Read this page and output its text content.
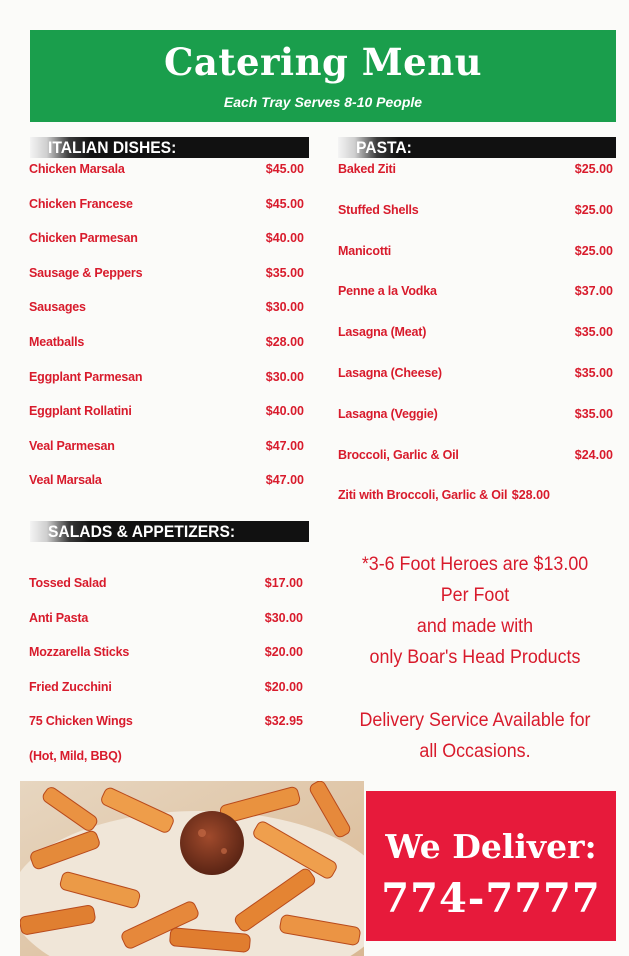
Catering Menu
Each Tray Serves 8-10 People
ITALIAN DISHES:
Chicken Marsala	$45.00
Chicken Francese	$45.00
Chicken Parmesan	$40.00
Sausage & Peppers	$35.00
Sausages	$30.00
Meatballs	$28.00
Eggplant Parmesan	$30.00
Eggplant Rollatini	$40.00
Veal Parmesan	$47.00
Veal Marsala	$47.00
PASTA:
Baked Ziti	$25.00
Stuffed Shells	$25.00
Manicotti	$25.00
Penne a la Vodka	$37.00
Lasagna (Meat)	$35.00
Lasagna (Cheese)	$35.00
Lasagna (Veggie)	$35.00
Broccoli, Garlic & Oil	$24.00
Ziti with Broccoli, Garlic & Oil $28.00
SALADS & APPETIZERS:
Tossed Salad	$17.00
Anti Pasta	$30.00
Mozzarella Sticks	$20.00
Fried Zucchini	$20.00
75 Chicken Wings	$32.95
(Hot, Mild, BBQ)
*3-6 Foot Heroes are $13.00
Per Foot
and made with
only Boar's Head Products
Delivery Service Available for
all Occasions.
We Deliver:
774-7777
